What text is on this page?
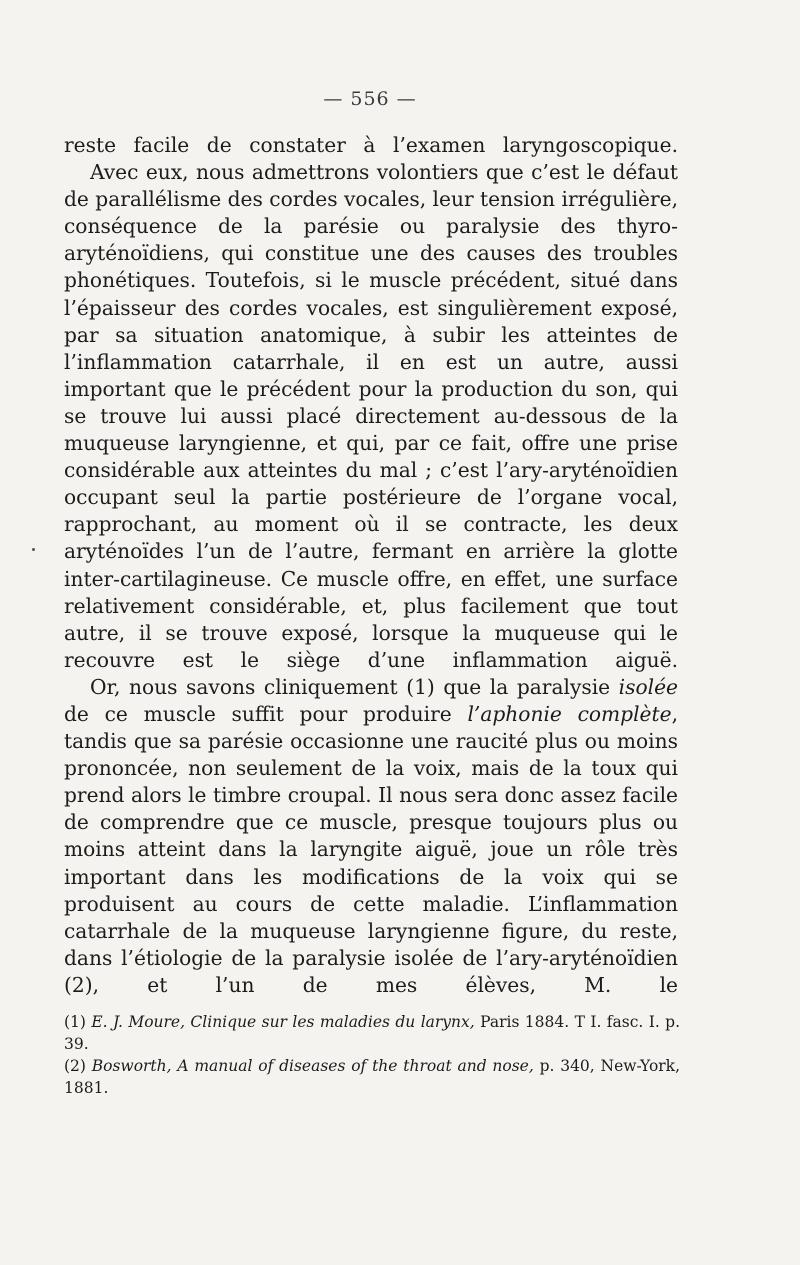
— 556 —

reste facile de constater à l’examen laryngoscopique.

Avec eux, nous admettrons volontiers que c’est le défaut de parallélisme des cordes vocales, leur tension irrégulière, conséquence de la parésie ou paralysie des thyro-aryténoïdiens, qui constitue une des causes des troubles phonétiques. Toutefois, si le muscle précédent, situé dans l’épaisseur des cordes vocales, est singulièrement exposé, par sa situation anatomique, à subir les atteintes de l’inflammation catarrhale, il en est un autre, aussi important que le précédent pour la production du son, qui se trouve lui aussi placé directement au-dessous de la muqueuse laryngienne, et qui, par ce fait, offre une prise considérable aux atteintes du mal ; c’est l’ary-aryténoïdien occupant seul la partie postérieure de l’organe vocal, rapprochant, au moment où il se contracte, les deux aryténoïdes l’un de l’autre, fermant en arrière la glotte inter-cartilagineuse. Ce muscle offre, en effet, une surface relativement considérable, et, plus facilement que tout autre, il se trouve exposé, lorsque la muqueuse qui le recouvre est le siège d’une inflammation aiguë.

Or, nous savons cliniquement (1) que la paralysie isolée de ce muscle suffit pour produire l’aphonie complète, tandis que sa parésie occasionne une raucité plus ou moins prononcée, non seulement de la voix, mais de la toux qui prend alors le timbre croupal. Il nous sera donc assez facile de comprendre que ce muscle, presque toujours plus ou moins atteint dans la laryngite aiguë, joue un rôle très important dans les modifications de la voix qui se produisent au cours de cette maladie. L’inflammation catarrhale de la muqueuse laryngienne figure, du reste, dans l’étiologie de la paralysie isolée de l’ary-aryténoïdien (2), et l’un de mes élèves, M. le

(1) E. J. Moure, Clinique sur les maladies du larynx, Paris 1884. T I. fasc. I. p. 39.

(2) Bosworth, A manual of diseases of the throat and nose, p. 340, New-York, 1881.
